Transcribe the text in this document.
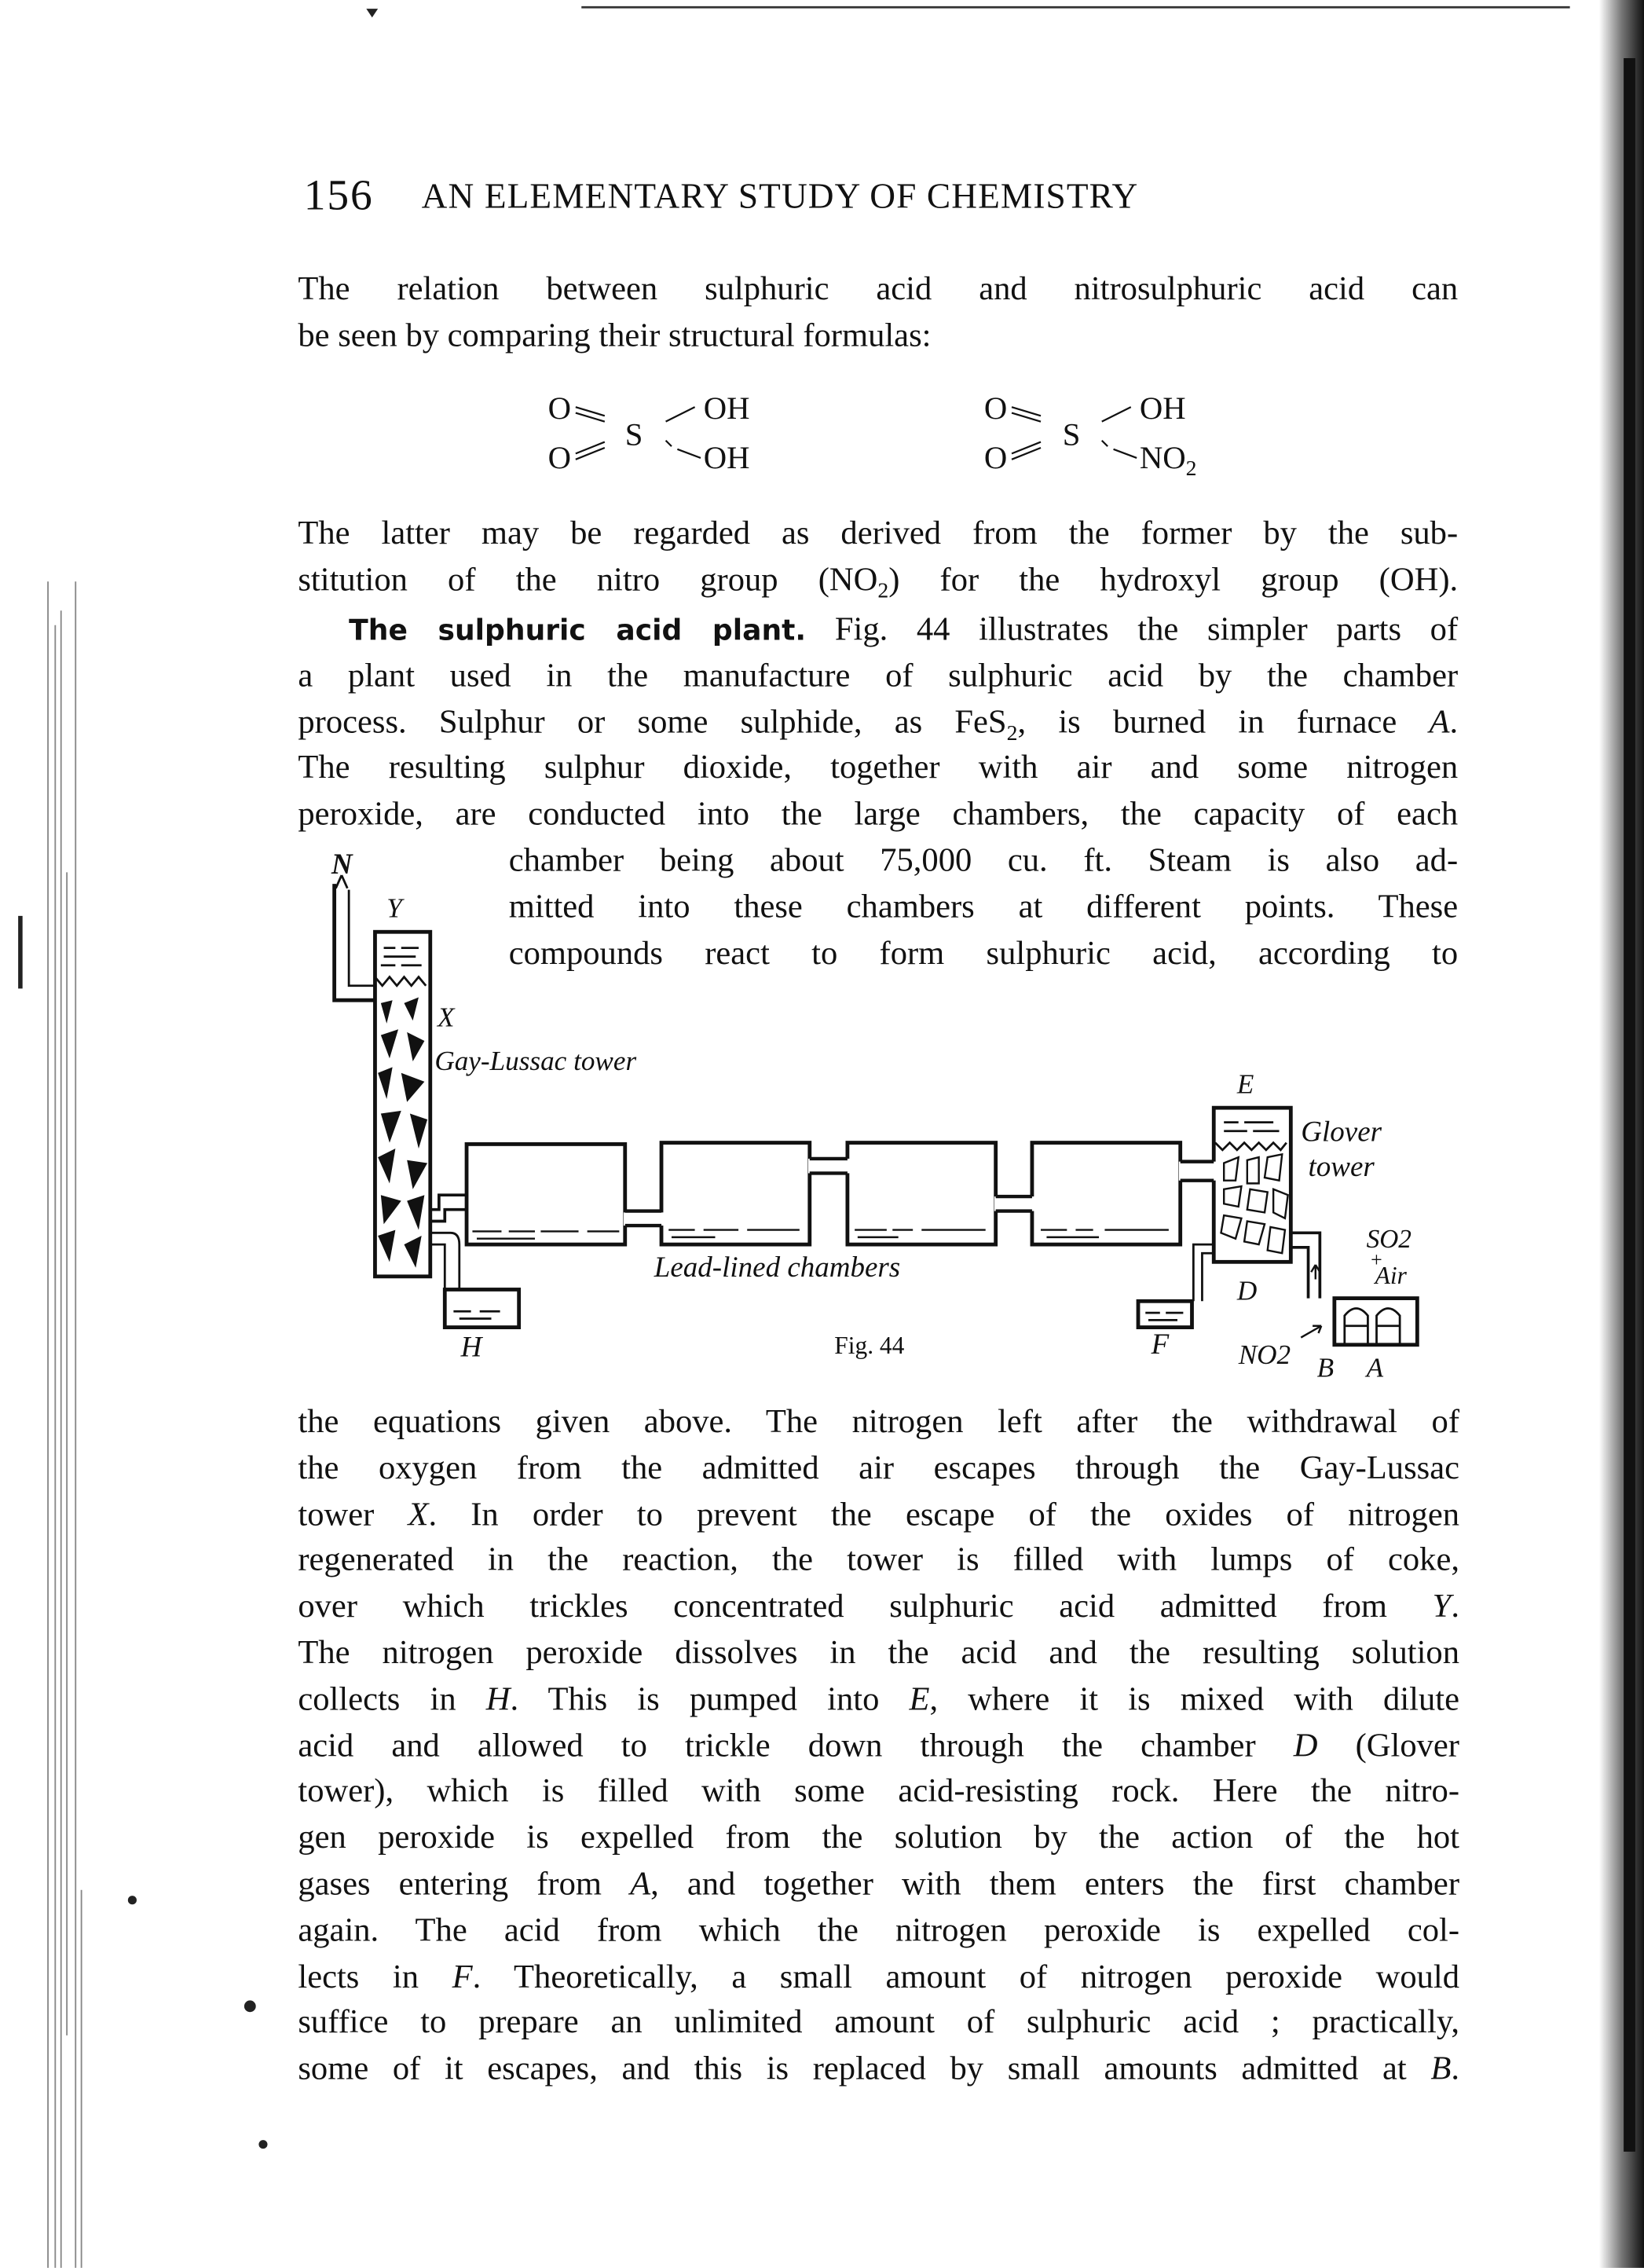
156 AN ELEMENTARY STUDY OF CHEMISTRY
The relation between sulphuric acid and nitrosulphuric acid can
be seen by comparing their structural formulas:
O
O
S
OH
OH
O
O
S
OH
$NO_2$
The latter may be regarded as derived from the former by the sub-
stitution of the nitro group $(NO_2)$ for the hydroxyl group (OH).
The sulphuric acid plant. Fig. 44 illustrates the simpler parts of
a plant used in the manufacture of sulphuric acid by the chamber
process. Sulphur or some sulphide, as FeS$_2$, is burned in furnace A.
The resulting sulphur dioxide, together with air and some nitrogen
peroxide, are conducted into the large chambers, the capacity of each
chamber being about 75,000 cu. ft. Steam is also ad-
mitted into these chambers at different points. These
compounds react to form sulphuric acid, according to
N
Y
X
Gay-Lussac tower
E
Glover
tower
SO2
+
Air
D
Lead-lined chambers
H	F	NO2 B A
Fig. 44
the equations given above. The nitrogen left after the withdrawal of
the oxygen from the admitted air escapes through the Gay-Lussac
tower X. In order to prevent the escape of the oxides of nitrogen
regenerated in the reaction, the tower is filled with lumps of coke,
over which trickles concentrated sulphuric acid admitted from Y.
The nitrogen peroxide dissolves in the acid and the resulting solution
collects in H. This is pumped into E, where it is mixed with dilute
acid and allowed to trickle down through the chamber D (Glover
tower), which is filled with some acid-resisting rock. Here the nitro-
gen peroxide is expelled from the solution by the action of the hot
gases entering from A, and together with them enters the first chamber
again. The acid from which the nitrogen peroxide is expelled col-
lects in F. Theoretically, a small amount of nitrogen peroxide would
suffice to prepare an unlimited amount of sulphuric acid ; practically,
some of it escapes, and this is replaced by small amounts admitted at B.
